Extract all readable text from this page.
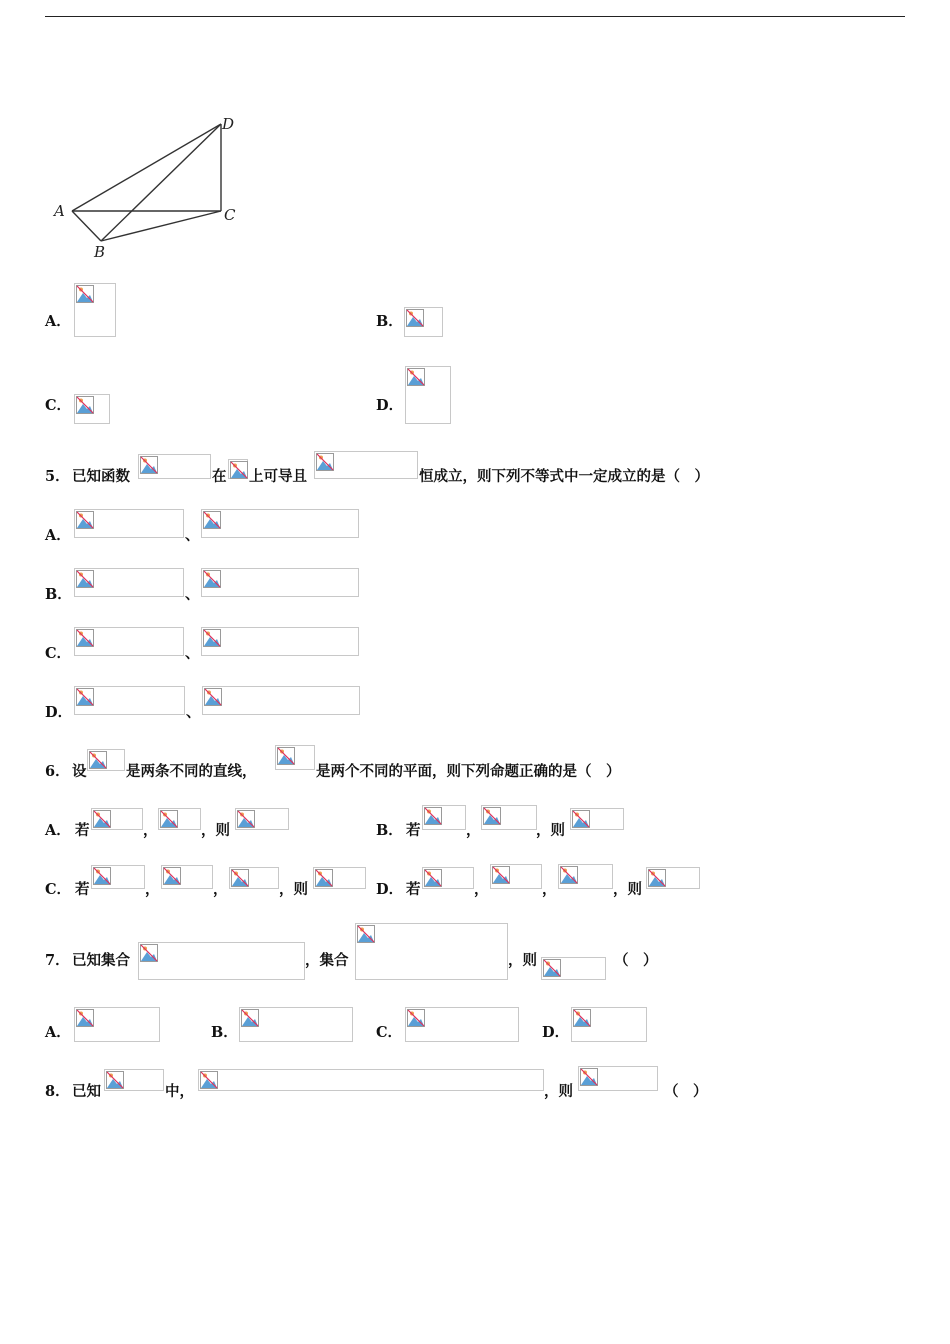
A
B
C
D
A．	B．
C．	D．
5． 已知函数	在 上可导且	恒成立，则下列不等式中一定成立的是（　）
A．	、
B．	、
C．	、
D．	、
6． 设	是两条不同的直线，	是两个不同的平面，则下列命题正确的是（　）
A． 若	，	，则	B． 若	，	，则
C． 若	，	，	，则	D． 若	，	，	，则
7． 已知集合	，集合	，则	（　）
A．	B．	C．	D．
8． 已知	中，	，则	（　）
